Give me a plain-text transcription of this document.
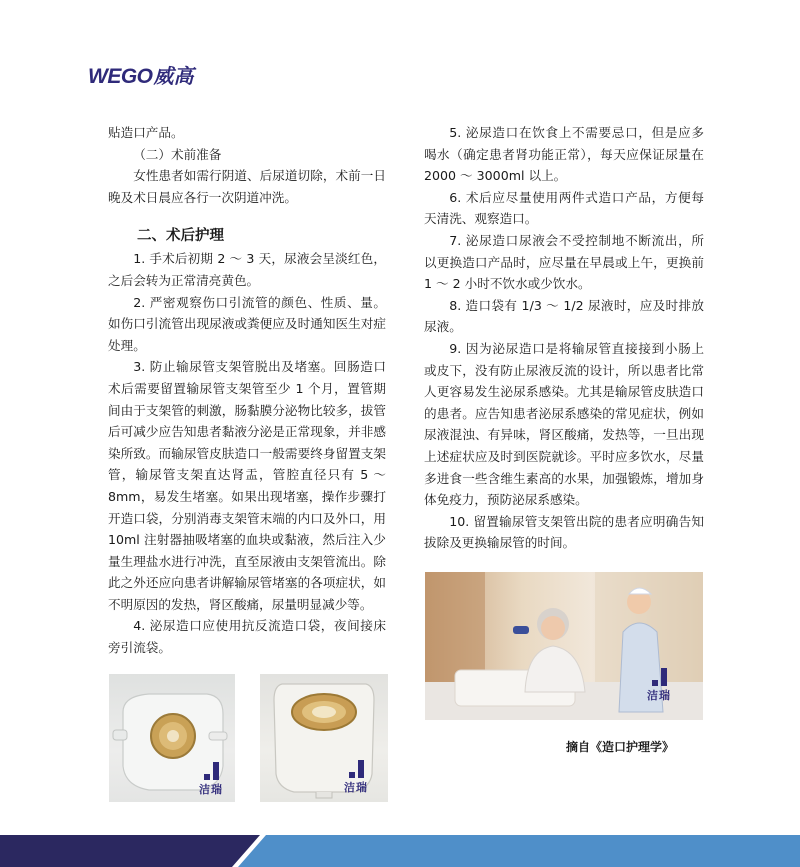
WEGO 威高

贴造口产品。

（二）术前准备

女性患者如需行阴道、后尿道切除，术前一日晚及术日晨应各行一次阴道冲洗。

二、术后护理

1. 手术后初期 2 ～ 3 天，尿液会呈淡红色，之后会转为正常清亮黄色。

2. 严密观察伤口引流管的颜色、性质、量。如伤口引流管出现尿液或粪便应及时通知医生对症处理。

3. 防止输尿管支架管脱出及堵塞。回肠造口术后需要留置输尿管支架管至少 1 个月，置管期间由于支架管的刺激，肠黏膜分泌物比较多，拔管后可减少应告知患者黏液分泌是正常现象，并非感染所致。而输尿管皮肤造口一般需要终身留置支架管，输尿管支架直达肾盂，管腔直径只有 5 ～ 8mm，易发生堵塞。如果出现堵塞，操作步骤打开造口袋，分别消毒支架管末端的内口及外口，用 10ml 注射器抽吸堵塞的血块或黏液，然后注入少量生理盐水进行冲洗，直至尿液由支架管流出。除此之外还应向患者讲解输尿管堵塞的各项症状，如不明原因的发热，肾区酸痛，尿量明显减少等。

4. 泌尿造口应使用抗反流造口袋，夜间接床旁引流袋。

5. 泌尿造口在饮食上不需要忌口，但是应多喝水（确定患者肾功能正常），每天应保证尿量在 2000 ～ 3000ml 以上。

6. 术后应尽量使用两件式造口产品，方便每天清洗、观察造口。

7. 泌尿造口尿液会不受控制地不断流出，所以更换造口产品时，应尽量在早晨或上午，更换前 1 ～ 2 小时不饮水或少饮水。

8. 造口袋有 1/3 ～ 1/2 尿液时，应及时排放尿液。

9. 因为泌尿造口是将输尿管直接接到小肠上或皮下，没有防止尿液反流的设计，所以患者比常人更容易发生泌尿系感染。尤其是输尿管皮肤造口的患者。应告知患者泌尿系感染的常见症状，例如尿液混浊、有异味，肾区酸痛，发热等，一旦出现上述症状应及时到医院就诊。平时应多饮水，尽量多进食一些含维生素高的水果，加强锻炼，增加身体免疫力，预防泌尿系感染。

10. 留置输尿管支架管出院的患者应明确告知拔除及更换输尿管的时间。

洁瑞	洁瑞
洁瑞
摘自《造口护理学》
